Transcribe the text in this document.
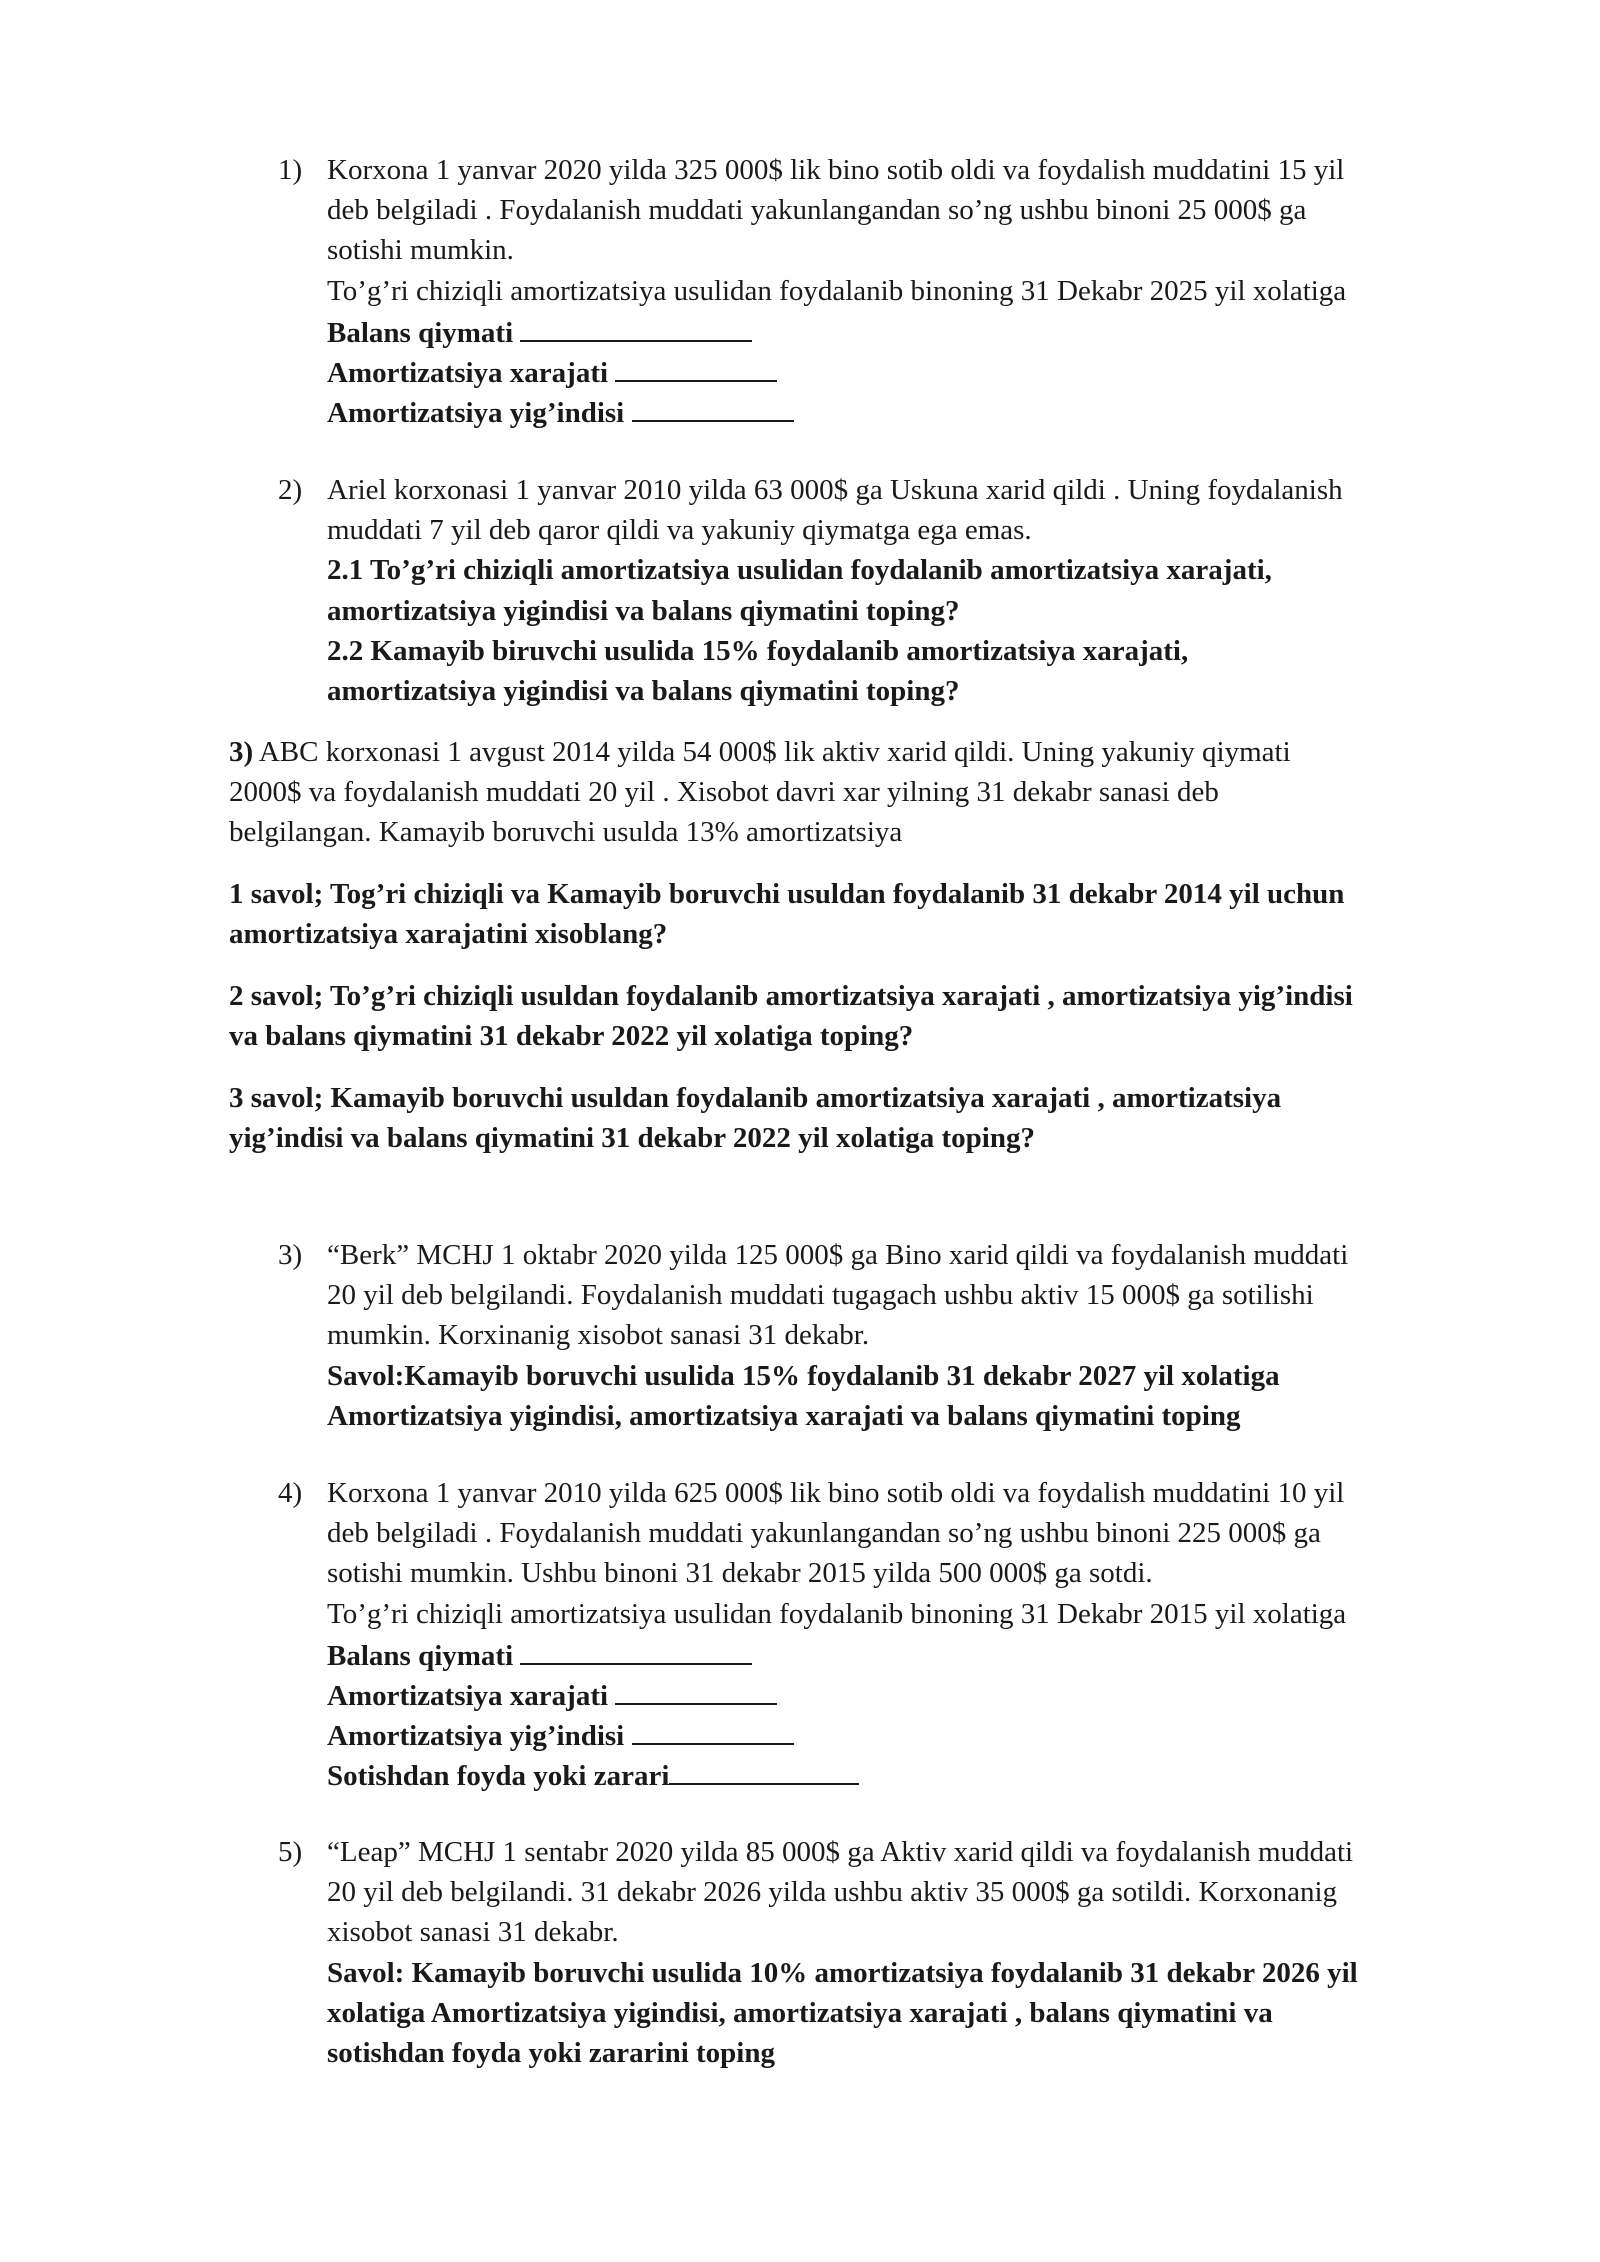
1) Korxona 1 yanvar 2020 yilda 325 000$ lik bino sotib oldi va foydalish muddatini 15 yil
deb belgiladi . Foydalanish muddati yakunlangandan so’ng ushbu binoni 25 000$ ga
sotishi mumkin.
To’g’ri chiziqli amortizatsiya usulidan foydalanib binoning 31 Dekabr 2025 yil xolatiga
Balans qiymati
Amortizatsiya xarajati
Amortizatsiya yig’indisi
2) Ariel korxonasi 1 yanvar 2010 yilda 63 000$ ga Uskuna xarid qildi . Uning foydalanish
muddati 7 yil deb qaror qildi va yakuniy qiymatga ega emas.
2.1 To’g’ri chiziqli amortizatsiya usulidan foydalanib amortizatsiya xarajati,
amortizatsiya yigindisi va balans qiymatini toping?
2.2 Kamayib biruvchi usulida 15% foydalanib amortizatsiya xarajati,
amortizatsiya yigindisi va balans qiymatini toping?
3) ABC korxonasi 1 avgust 2014 yilda 54 000$ lik aktiv xarid qildi. Uning yakuniy qiymati
2000$ va foydalanish muddati 20 yil . Xisobot davri xar yilning 31 dekabr sanasi deb
belgilangan. Kamayib boruvchi usulda 13% amortizatsiya
1 savol; Tog’ri chiziqli va Kamayib boruvchi usuldan foydalanib 31 dekabr 2014 yil uchun
amortizatsiya xarajatini xisoblang?
2 savol; To’g’ri chiziqli usuldan foydalanib amortizatsiya xarajati , amortizatsiya yig’indisi
va balans qiymatini 31 dekabr 2022 yil xolatiga toping?
3 savol; Kamayib boruvchi usuldan foydalanib amortizatsiya xarajati , amortizatsiya
yig’indisi va balans qiymatini 31 dekabr 2022 yil xolatiga toping?
3) “Berk” MCHJ 1 oktabr 2020 yilda 125 000$ ga Bino xarid qildi va foydalanish muddati
20 yil deb belgilandi. Foydalanish muddati tugagach ushbu aktiv 15 000$ ga sotilishi
mumkin. Korxinanig xisobot sanasi 31 dekabr.
Savol:Kamayib boruvchi usulida 15% foydalanib 31 dekabr 2027 yil xolatiga
Amortizatsiya yigindisi, amortizatsiya xarajati va balans qiymatini toping
4) Korxona 1 yanvar 2010 yilda 625 000$ lik bino sotib oldi va foydalish muddatini 10 yil
deb belgiladi . Foydalanish muddati yakunlangandan so’ng ushbu binoni 225 000$ ga
sotishi mumkin. Ushbu binoni 31 dekabr 2015 yilda 500 000$ ga sotdi.
To’g’ri chiziqli amortizatsiya usulidan foydalanib binoning 31 Dekabr 2015 yil xolatiga
Balans qiymati
Amortizatsiya xarajati
Amortizatsiya yig’indisi
Sotishdan foyda yoki zarari
5) “Leap” MCHJ 1 sentabr 2020 yilda 85 000$ ga Aktiv xarid qildi va foydalanish muddati
20 yil deb belgilandi. 31 dekabr 2026 yilda ushbu aktiv 35 000$ ga sotildi. Korxonanig
xisobot sanasi 31 dekabr.
Savol: Kamayib boruvchi usulida 10% amortizatsiya foydalanib 31 dekabr 2026 yil
xolatiga Amortizatsiya yigindisi, amortizatsiya xarajati , balans qiymatini va
sotishdan foyda yoki zararini toping
